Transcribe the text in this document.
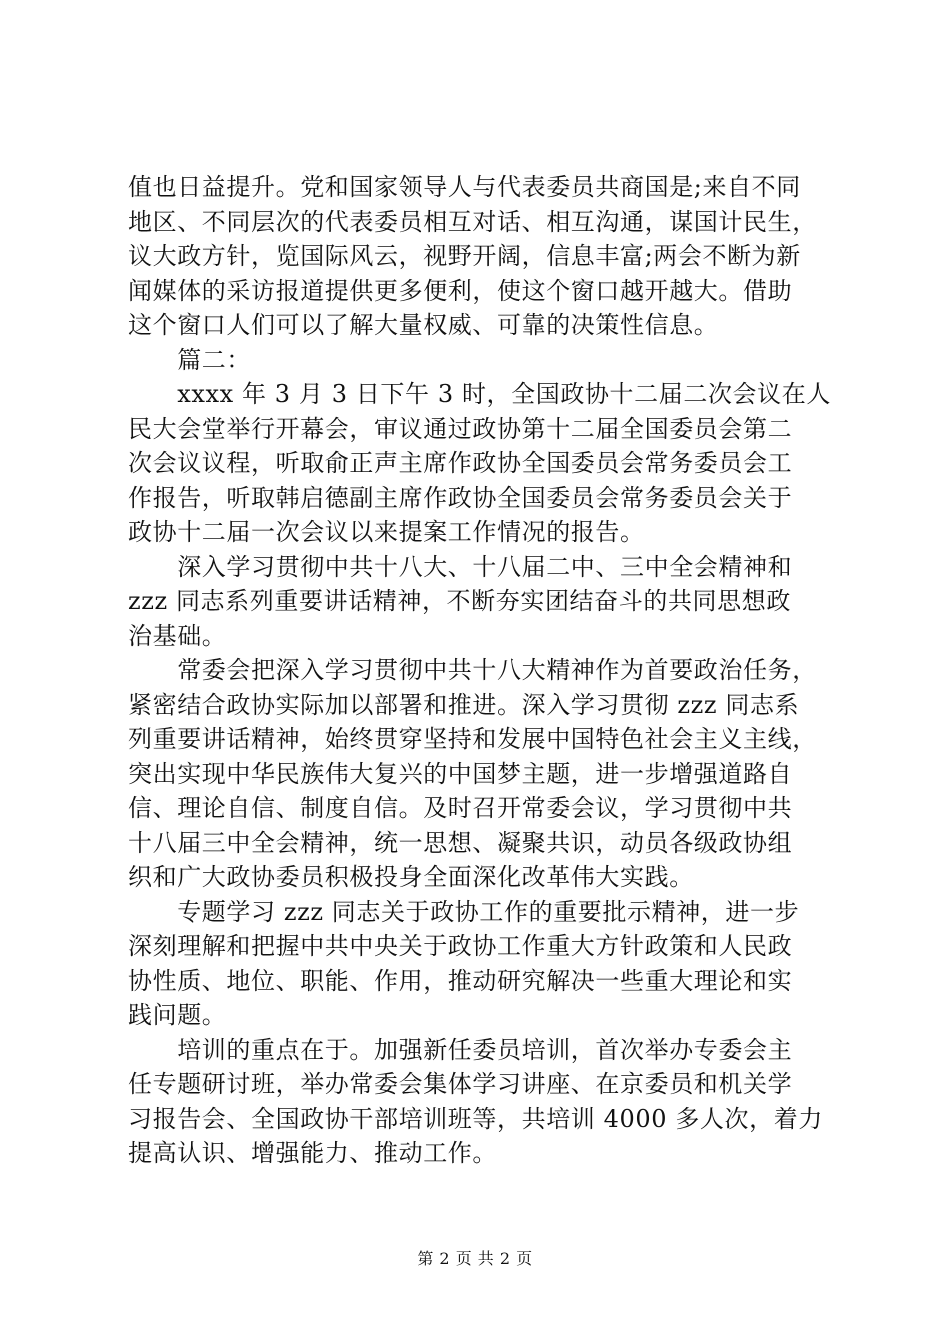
值也日益提升。党和国家领导人与代表委员共商国是;来自不同
地区、不同层次的代表委员相互对话、相互沟通，谋国计民生，
议大政方针，览国际风云，视野开阔，信息丰富;两会不断为新
闻媒体的采访报道提供更多便利，使这个窗口越开越大。借助
这个窗口人们可以了解大量权威、可靠的决策性信息。
　　篇二：
　　xxxx 年 3 月 3 日下午 3 时，全国政协十二届二次会议在人
民大会堂举行开幕会，审议通过政协第十二届全国委员会第二
次会议议程，听取俞正声主席作政协全国委员会常务委员会工
作报告，听取韩启德副主席作政协全国委员会常务委员会关于
政协十二届一次会议以来提案工作情况的报告。
　　深入学习贯彻中共十八大、十八届二中、三中全会精神和
zzz 同志系列重要讲话精神，不断夯实团结奋斗的共同思想政
治基础。
　　常委会把深入学习贯彻中共十八大精神作为首要政治任务，
紧密结合政协实际加以部署和推进。深入学习贯彻 zzz 同志系
列重要讲话精神，始终贯穿坚持和发展中国特色社会主义主线，
突出实现中华民族伟大复兴的中国梦主题，进一步增强道路自
信、理论自信、制度自信。及时召开常委会议，学习贯彻中共
十八届三中全会精神，统一思想、凝聚共识，动员各级政协组
织和广大政协委员积极投身全面深化改革伟大实践。
　　专题学习 zzz 同志关于政协工作的重要批示精神，进一步
深刻理解和把握中共中央关于政协工作重大方针政策和人民政
协性质、地位、职能、作用，推动研究解决一些重大理论和实
践问题。
　　培训的重点在于。加强新任委员培训，首次举办专委会主
任专题研讨班，举办常委会集体学习讲座、在京委员和机关学
习报告会、全国政协干部培训班等，共培训 4000 多人次，着力
提高认识、增强能力、推动工作。
第 2 页 共 2 页
